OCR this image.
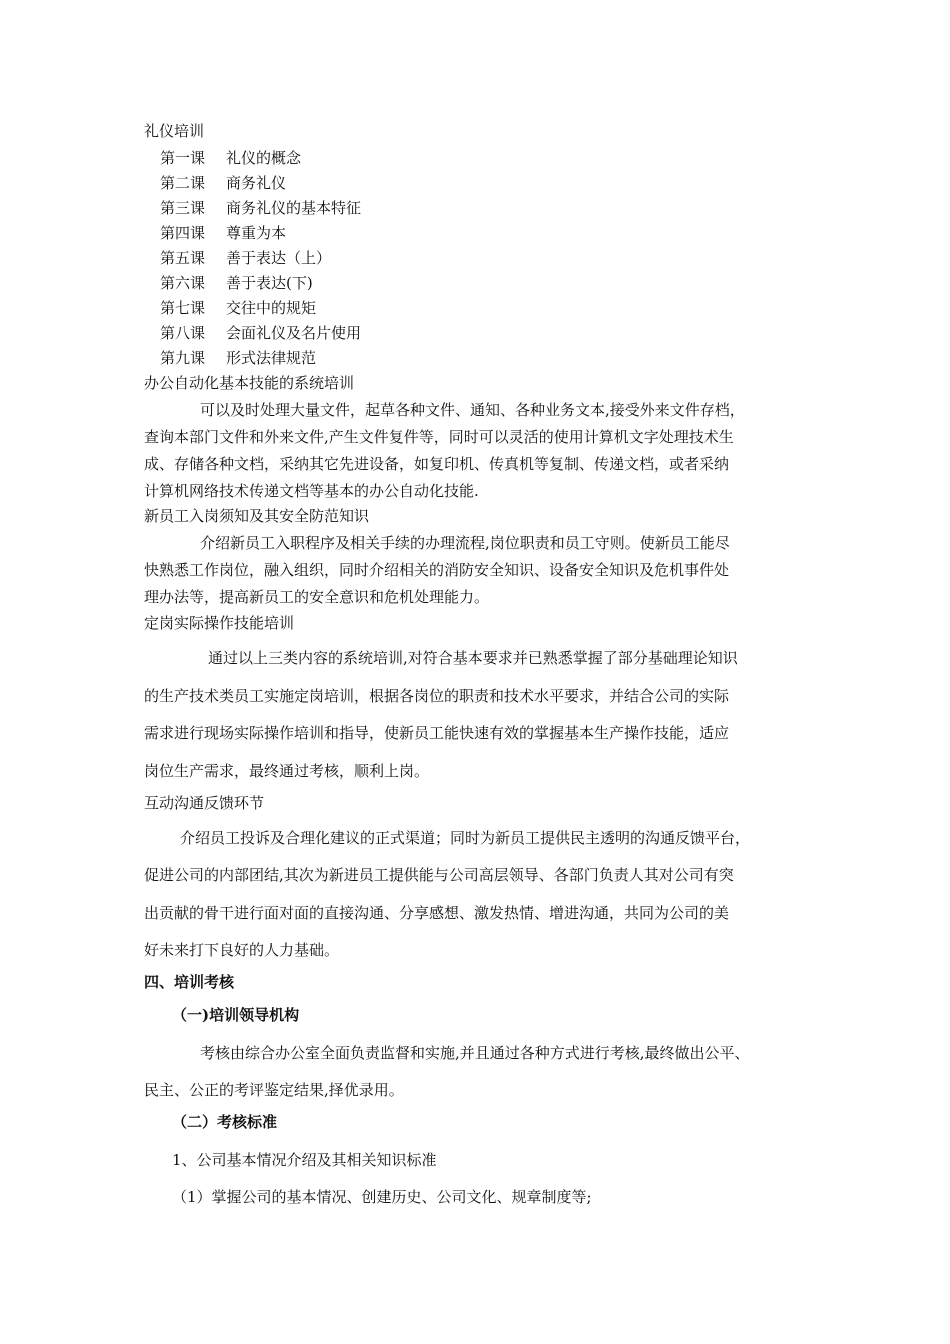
礼仪培训
第一课 礼仪的概念
第二课 商务礼仪
第三课 商务礼仪的基本特征
第四课 尊重为本
第五课 善于表达（上）
第六课 善于表达(下)
第七课 交往中的规矩
第八课 会面礼仪及名片使用
第九课 形式法律规范
办公自动化基本技能的系统培训
可以及时处理大量文件，起草各种文件、通知、各种业务文本,接受外来文件存档，
查询本部门文件和外来文件,产生文件复件等，同时可以灵活的使用计算机文字处理技术生
成、存储各种文档，采纳其它先进设备，如复印机、传真机等复制、传递文档，或者采纳
计算机网络技术传递文档等基本的办公自动化技能.
新员工入岗须知及其安全防范知识
介绍新员工入职程序及相关手续的办理流程,岗位职责和员工守则。使新员工能尽
快熟悉工作岗位，融入组织，同时介绍相关的消防安全知识、设备安全知识及危机事件处
理办法等，提高新员工的安全意识和危机处理能力。
定岗实际操作技能培训
通过以上三类内容的系统培训,对符合基本要求并已熟悉掌握了部分基础理论知识
的生产技术类员工实施定岗培训，根据各岗位的职责和技术水平要求，并结合公司的实际
需求进行现场实际操作培训和指导，使新员工能快速有效的掌握基本生产操作技能，适应
岗位生产需求，最终通过考核，顺利上岗。
互动沟通反馈环节
介绍员工投诉及合理化建议的正式渠道；同时为新员工提供民主透明的沟通反馈平台，
促进公司的内部团结,其次为新进员工提供能与公司高层领导、各部门负责人其对公司有突
出贡献的骨干进行面对面的直接沟通、分享感想、激发热情、增进沟通，共同为公司的美
好未来打下良好的人力基础。
四、培训考核
（一)培训领导机构
考核由综合办公室全面负责监督和实施,并且通过各种方式进行考核,最终做出公平、
民主、公正的考评鉴定结果,择优录用。
（二）考核标准
1、公司基本情况介绍及其相关知识标准
（1）掌握公司的基本情况、创建历史、公司文化、规章制度等;
